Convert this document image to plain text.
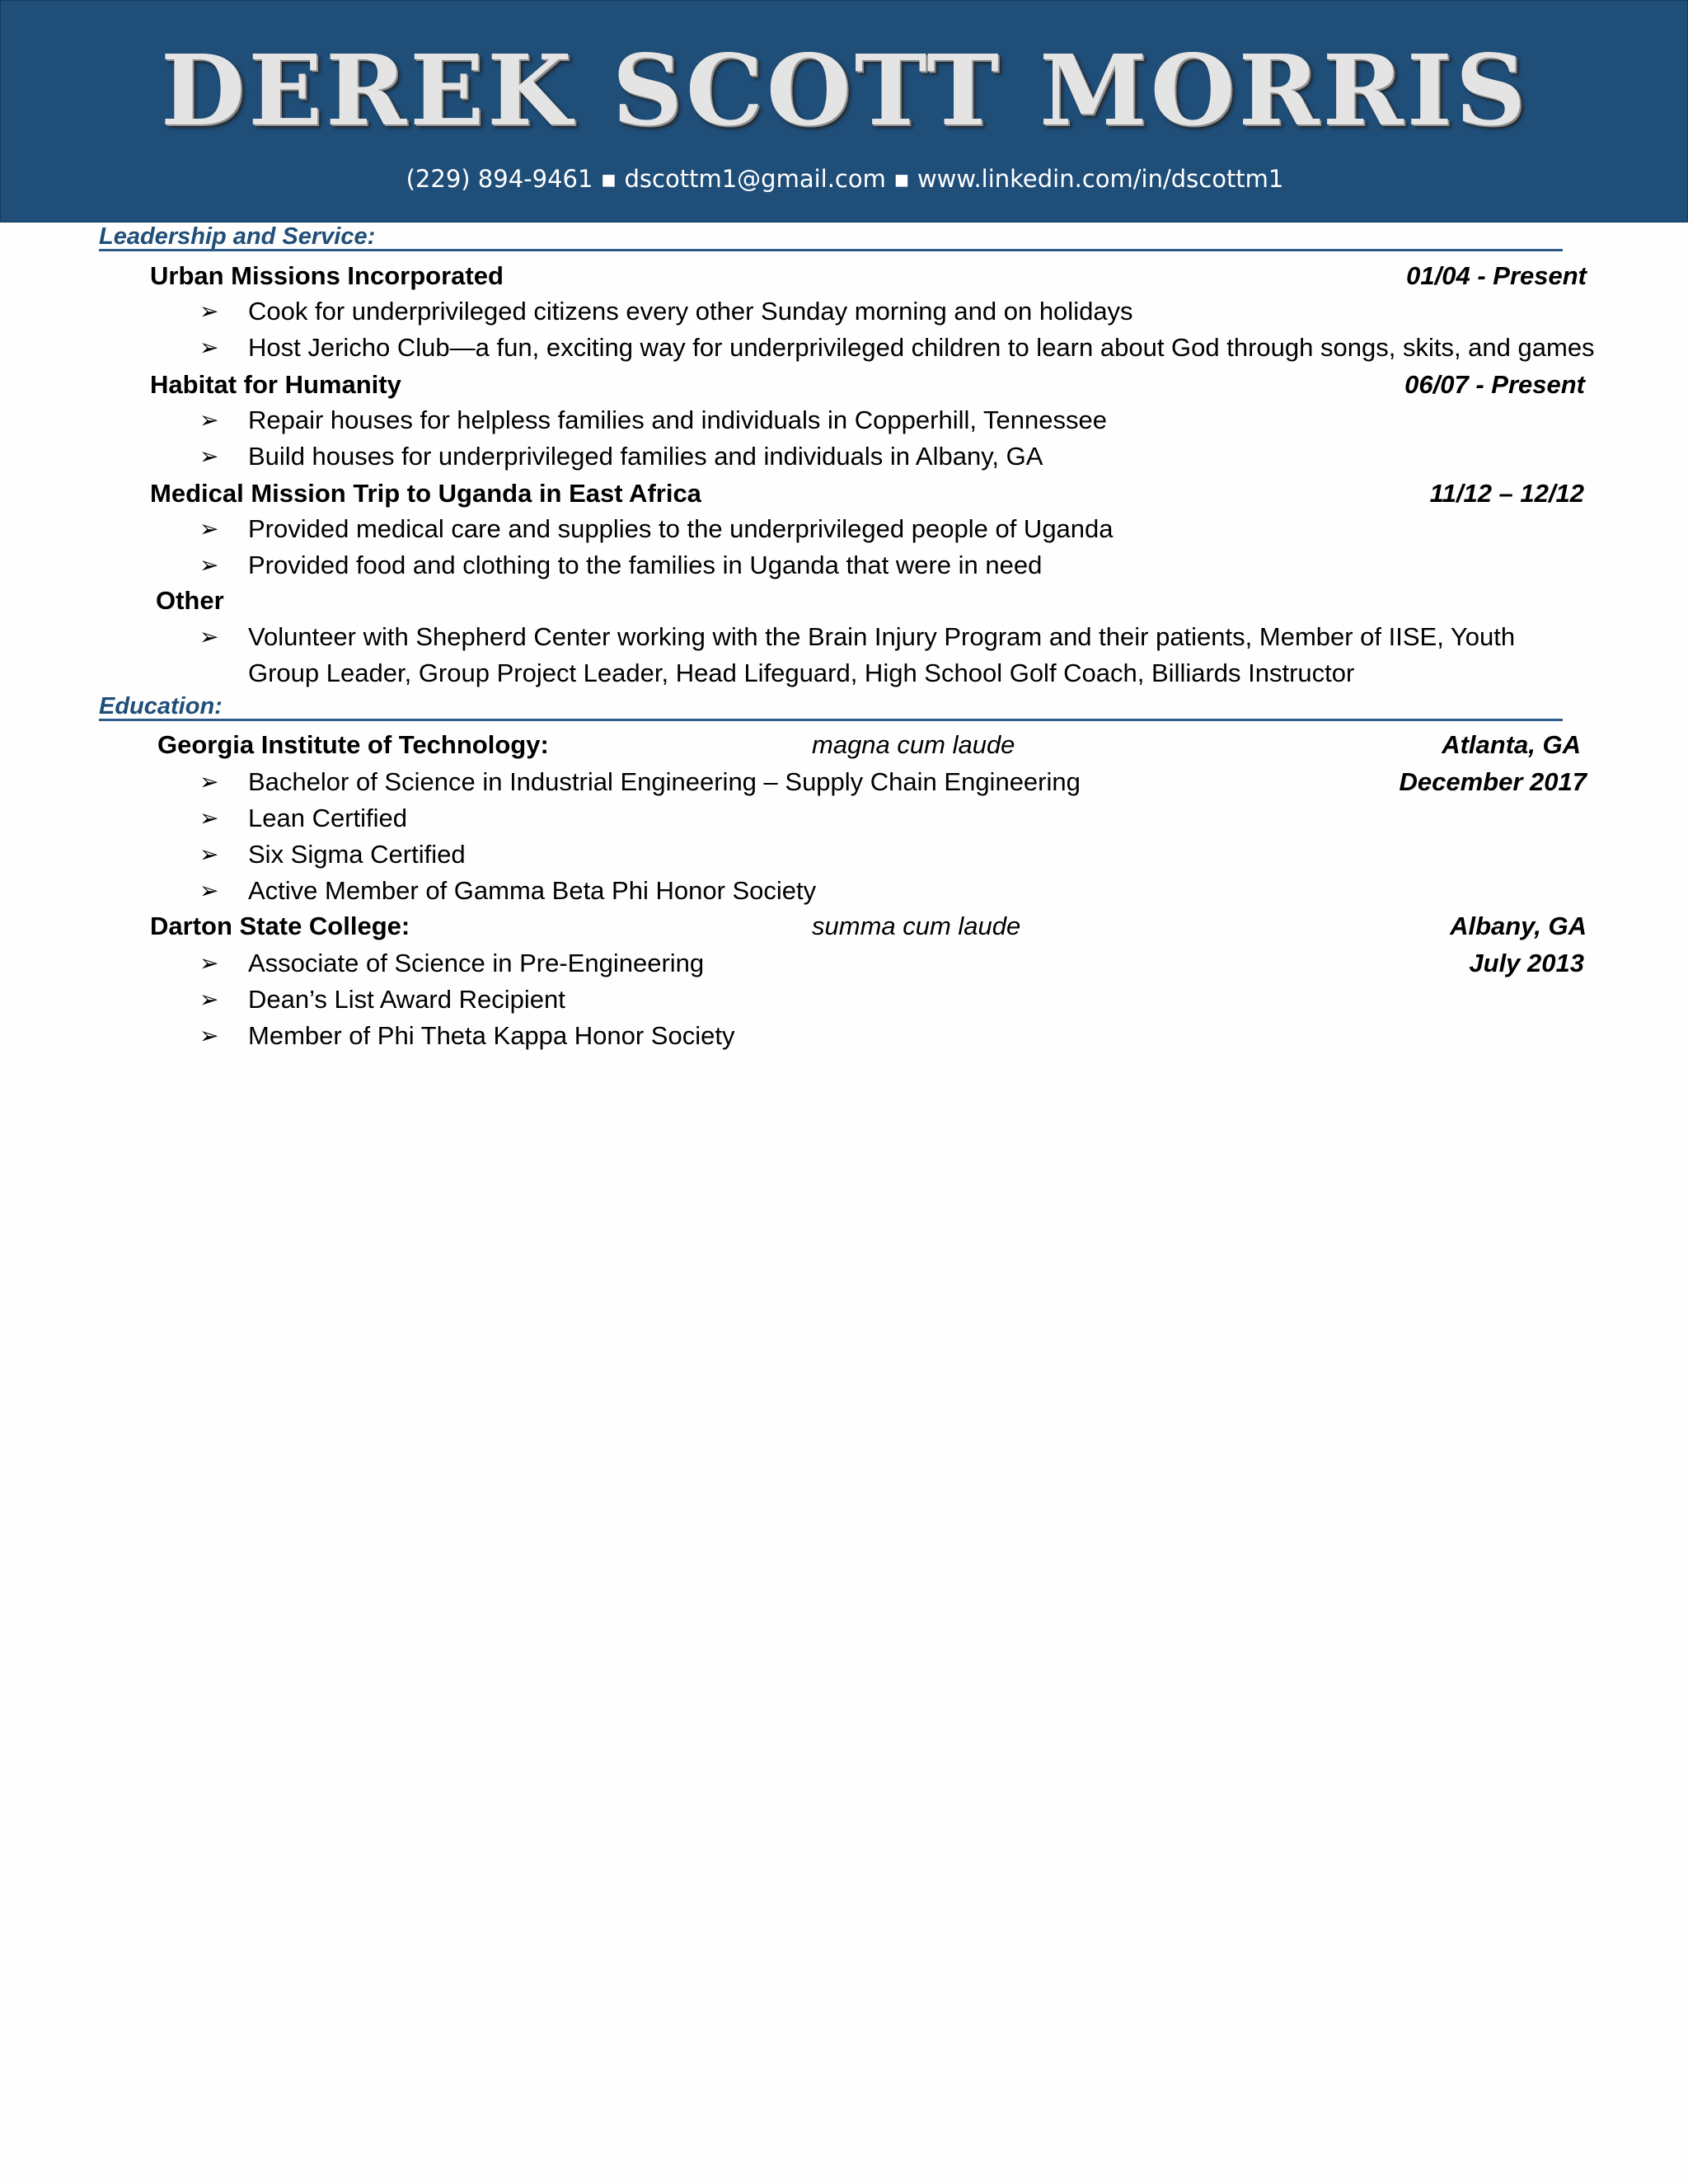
DEREK SCOTT MORRIS
(229) 894-9461 ▪ dscottm1@gmail.com ▪ www.linkedin.com/in/dscottm1
Leadership and Service:
Urban Missions Incorporated	01/04 - Present
➢ Cook for underprivileged citizens every other Sunday morning and on holidays
➢ Host Jericho Club—a fun, exciting way for underprivileged children to learn about God through songs, skits, and games
Habitat for Humanity	06/07 - Present
➢ Repair houses for helpless families and individuals in Copperhill, Tennessee
➢ Build houses for underprivileged families and individuals in Albany, GA
Medical Mission Trip to Uganda in East Africa	11/12 – 12/12
➢ Provided medical care and supplies to the underprivileged people of Uganda
➢ Provided food and clothing to the families in Uganda that were in need
Other
➢ Volunteer with Shepherd Center working with the Brain Injury Program and their patients, Member of IISE, Youth
Group Leader, Group Project Leader, Head Lifeguard, High School Golf Coach, Billiards Instructor
Education:
Georgia Institute of Technology:	magna cum laude	Atlanta, GA
➢ Bachelor of Science in Industrial Engineering – Supply Chain Engineering	December 2017
➢ Lean Certified
➢ Six Sigma Certified
➢ Active Member of Gamma Beta Phi Honor Society
Darton State College:	summa cum laude	Albany, GA
➢ Associate of Science in Pre-Engineering	July 2013
➢ Dean’s List Award Recipient
➢ Member of Phi Theta Kappa Honor Society
